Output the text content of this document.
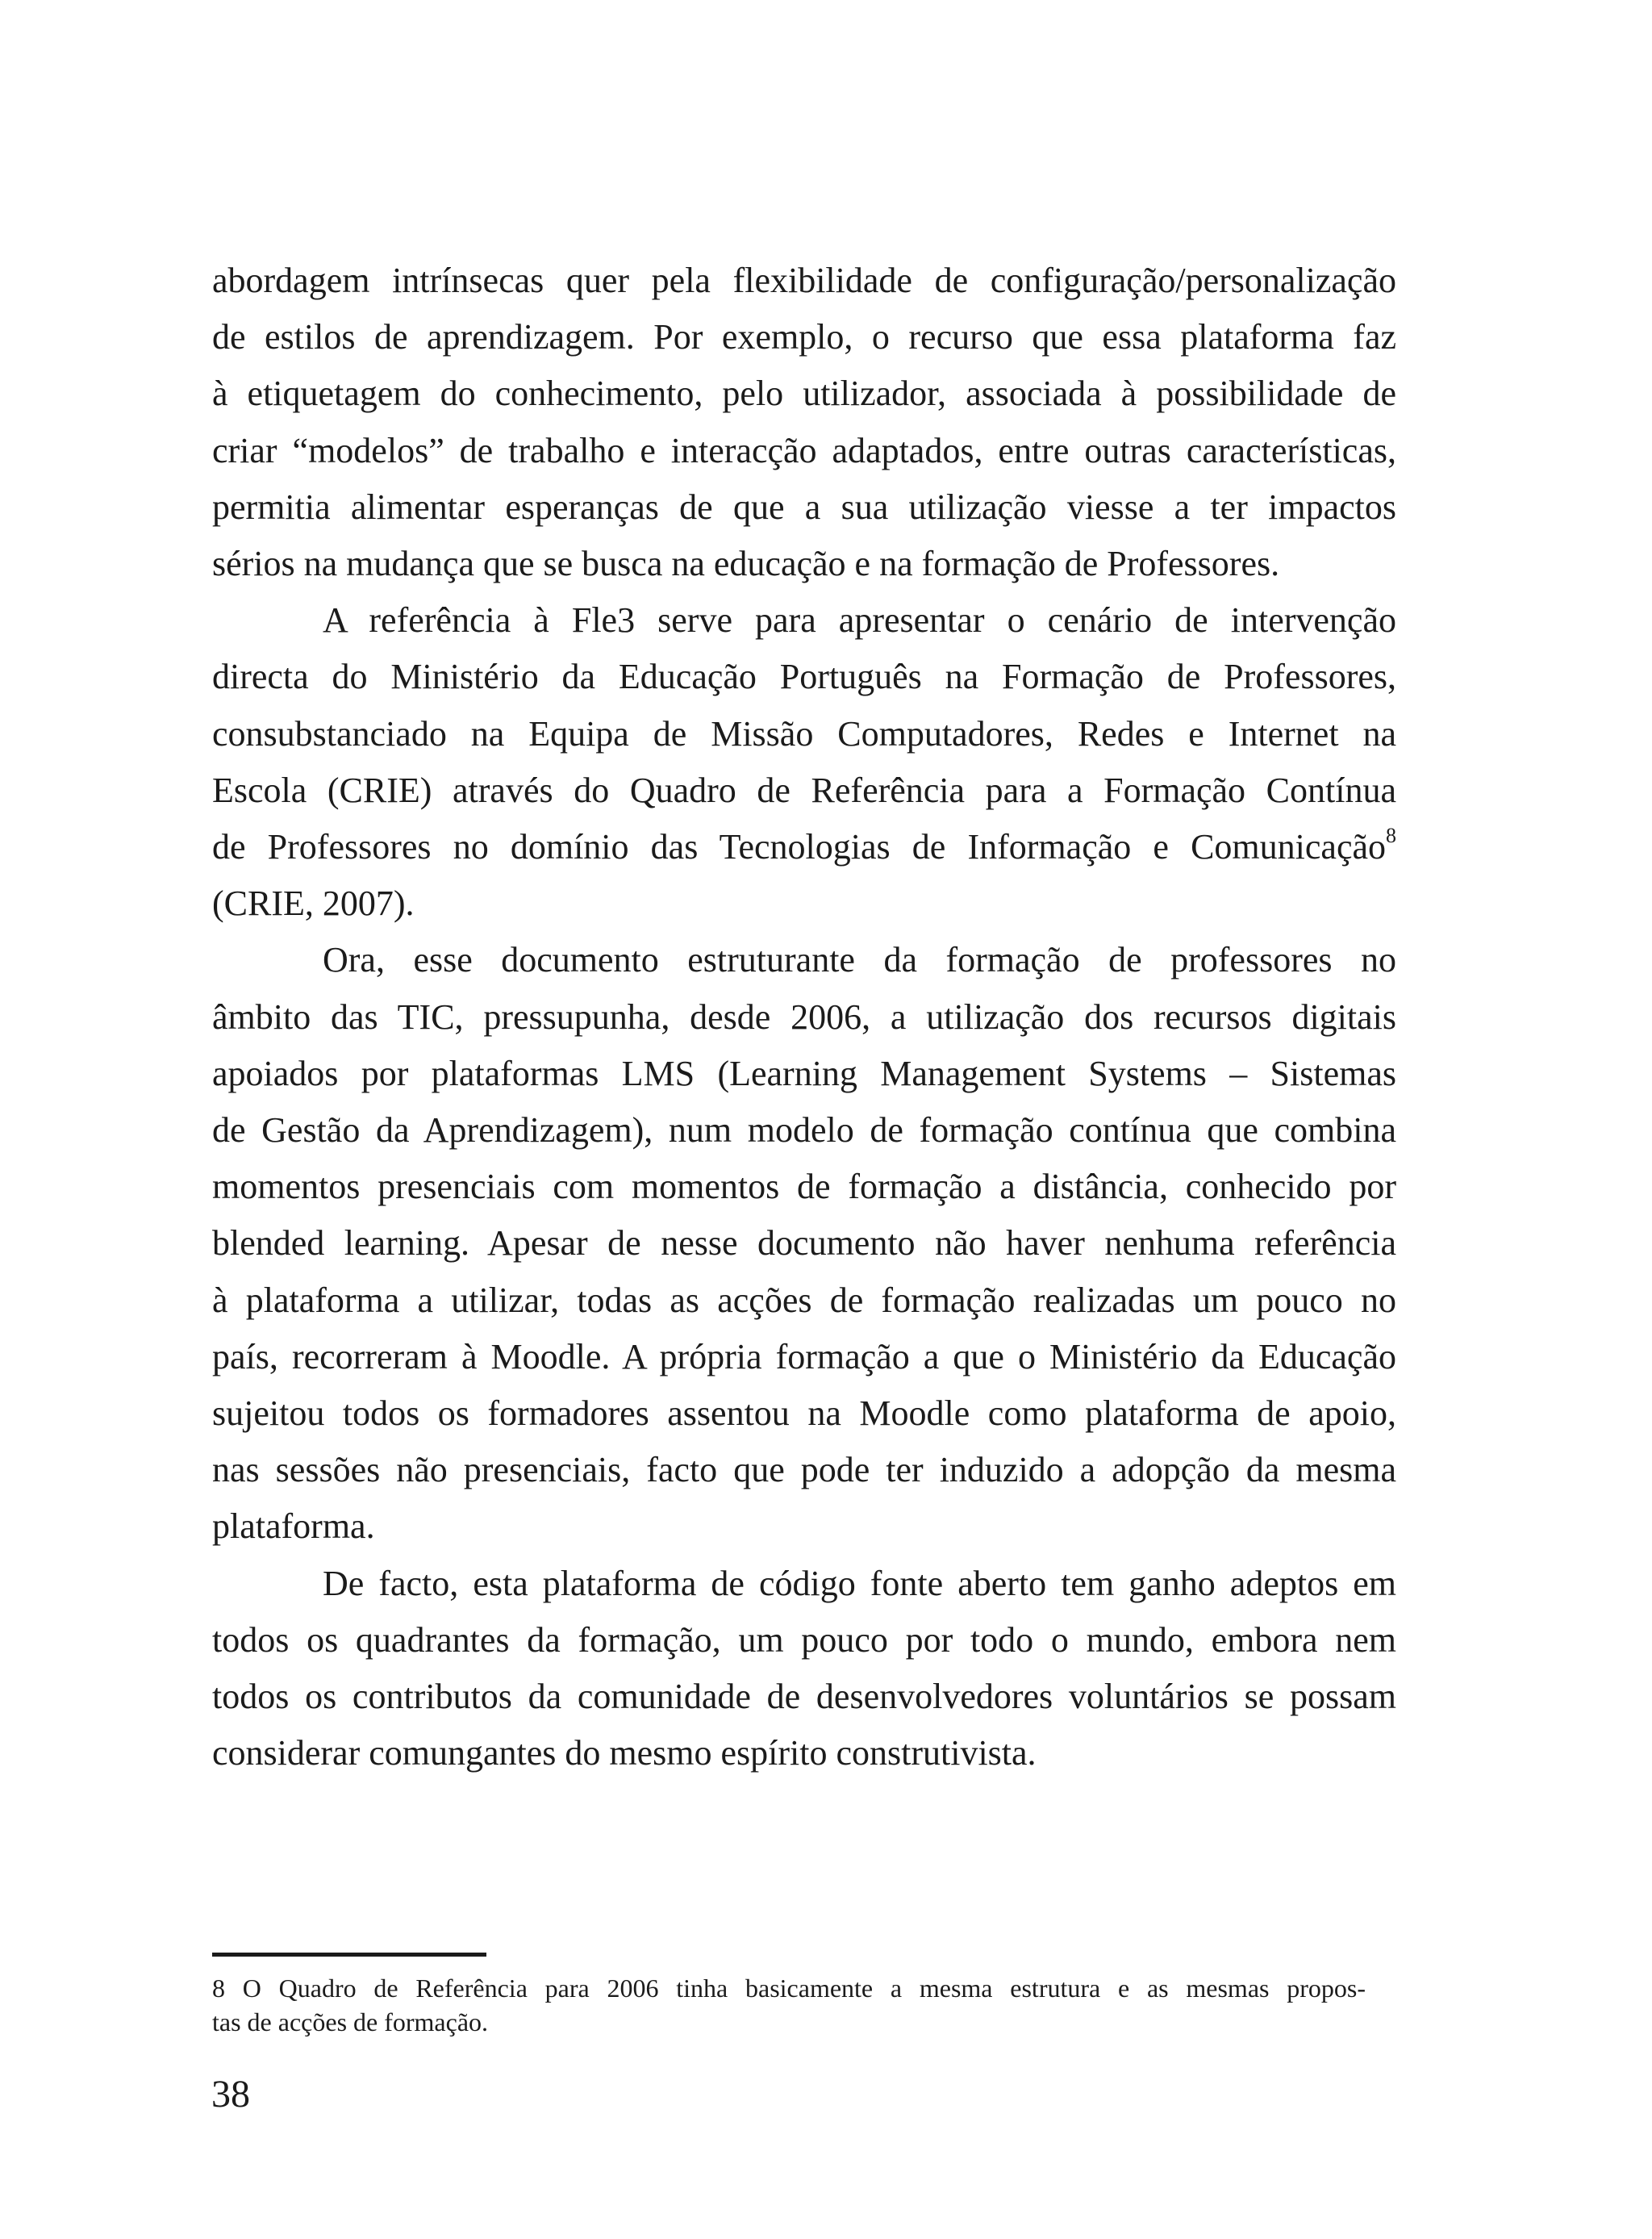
abordagem intrínsecas quer pela flexibilidade de configuração/personalização
de estilos de aprendizagem. Por exemplo, o recurso que essa plataforma faz
à etiquetagem do conhecimento, pelo utilizador, associada à possibilidade de
criar “modelos” de trabalho e interacção adaptados, entre outras características,
permitia alimentar esperanças de que a sua utilização viesse a ter impactos
sérios na mudança que se busca na educação e na formação de Professores.

A referência à Fle3 serve para apresentar o cenário de intervenção
directa do Ministério da Educação Português na Formação de Professores,
consubstanciado na Equipa de Missão Computadores, Redes e Internet na
Escola (CRIE) através do Quadro de Referência para a Formação Contínua
de Professores no domínio das Tecnologias de Informação e Comunicação$^8$
(CRIE, 2007).

Ora, esse documento estruturante da formação de professores no
âmbito das TIC, pressupunha, desde 2006, a utilização dos recursos digitais
apoiados por plataformas LMS (Learning Management Systems – Sistemas
de Gestão da Aprendizagem), num modelo de formação contínua que combina
momentos presenciais com momentos de formação a distância, conhecido por
blended learning. Apesar de nesse documento não haver nenhuma referência
à plataforma a utilizar, todas as acções de formação realizadas um pouco no
país, recorreram à Moodle. A própria formação a que o Ministério da Educação
sujeitou todos os formadores assentou na Moodle como plataforma de apoio,
nas sessões não presenciais, facto que pode ter induzido a adopção da mesma
plataforma.

De facto, esta plataforma de código fonte aberto tem ganho adeptos em
todos os quadrantes da formação, um pouco por todo o mundo, embora nem
todos os contributos da comunidade de desenvolvedores voluntários se possam
considerar comungantes do mesmo espírito construtivista.

8 O Quadro de Referência para 2006 tinha basicamente a mesma estrutura e as mesmas propos-
tas de acções de formação.
38
